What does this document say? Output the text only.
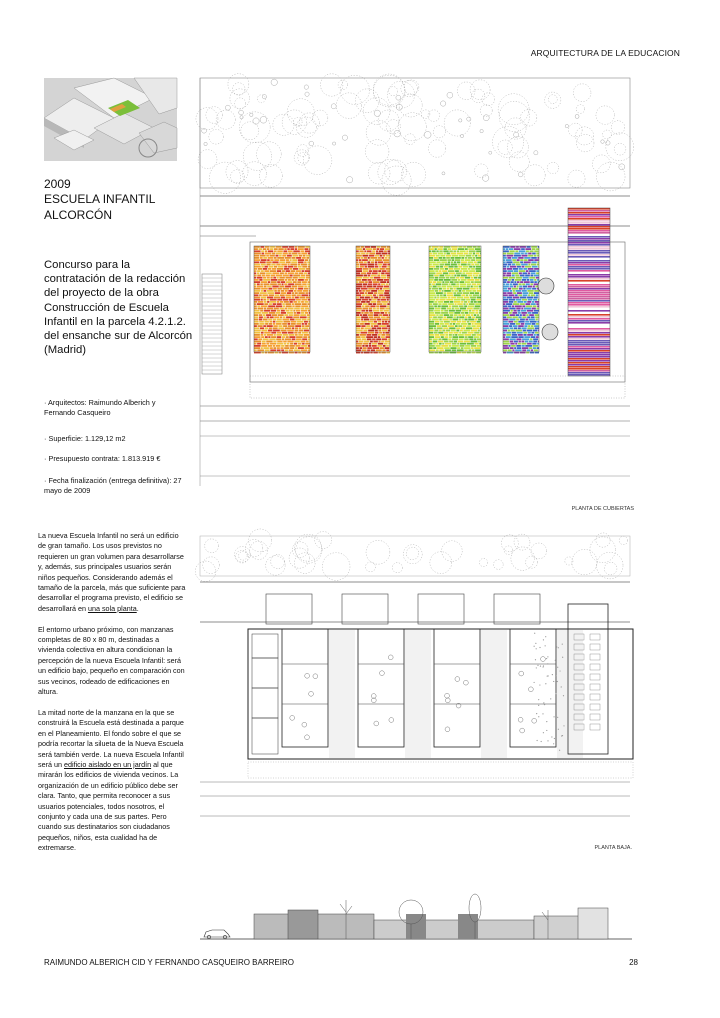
ARQUITECTURA DE LA EDUCACION
2009
ESCUELA INFANTIL
ALCORCÓN
Concurso para la contratación de la redacción del proyecto de la obra Construcción de Escuela Infantil en la parcela 4.2.1.2. del ensanche sur de Alcorcón (Madrid)
· Arquitectos: Raimundo Alberich y Fernando Casqueiro
· Superficie: 1.129,12 m2
· Presupuesto contrata: 1.813.919 €
· Fecha finalización (entrega definitiva): 27 mayo de 2009

La nueva Escuela Infantil no será un edificio de gran tamaño. Los usos previstos no requieren un gran volumen para desarrollarse y, además, sus principales usuarios serán niños pequeños. Considerando además el tamaño de la parcela, más que suficiente para desarrollar el programa previsto, el edificio se desarrollará en una sola planta.

El entorno urbano próximo, con manzanas completas de 80 x 80 m, destinadas a vivienda colectiva en altura condicionan la percepción de la nueva Escuela Infantil: será un edificio bajo, pequeño en comparación con sus vecinos, rodeado de edificaciones en altura.

La mitad norte de la manzana en la que se construirá la Escuela está destinada a parque en el Planeamiento. El fondo sobre el que se podría recortar la silueta de la Nueva Escuela será también verde. La nueva Escuela Infantil será un edificio aislado en un jardín al que mirarán los edificios de vivienda vecinos. La organización de un edificio público debe ser clara. Tanto, que permita reconocer a sus usuarios potenciales, todos nosotros, el conjunto y cada una de sus partes. Pero cuando sus destinatarios son ciudadanos pequeños, niños, esta cualidad ha de extremarse.

PLANTA DE CUBIERTAS
PLANTA BAJA.
RAIMUNDO ALBERICH CID Y FERNANDO CASQUEIRO BARREIRO	28
